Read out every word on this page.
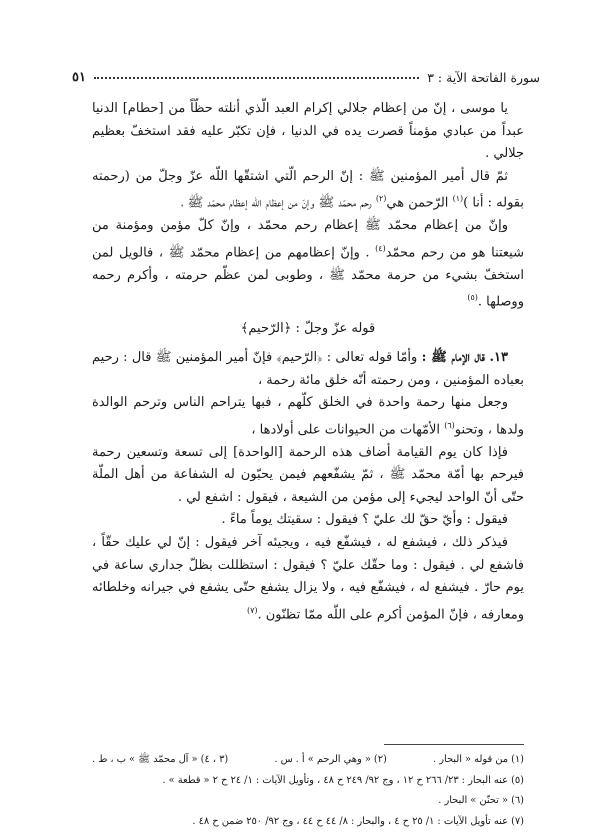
سورة الفاتحة الآية : ٣
٥١

يا موسى ، إنّ من إعظام جلالي إكرام العبد الّذي أنلته حظّاً من [حطام] الدنيا عبداً من عبادي مؤمناً قصرت يده في الدنيا ، فإن تكبّر عليه فقد استخفّ بعظيم جلالي .

ثمّ قال أمير المؤمنين ﷺ : إنّ الرحم الّتي اشتقّها اللّه عزّ وجلّ من (رحمته بقوله : أنا )$^{(١)}$ الرّحمن هي$^{(٢)}$ رحم محمّد ﷺ وإنّ من إعظام اللّه إعظام محمّد ﷺ ،

وإنّ من إعظام محمّد ﷺ إعظام رحم محمّد ، وإنّ كلّ مؤمن ومؤمنة من شيعتنا هو من رحم محمّد$^{(٤)}$ . وإنّ إعظامهم من إعظام محمّد ﷺ ، فالويل لمن استخفّ بشيء من حرمة محمّد ﷺ ، وطوبى لمن عظّم حرمته ، وأكرم رحمه ووصلها .$^{(٥)}$

قوله عزّ وجلّ : ﴿الرّحيم﴾

١٣. قال الإمام ﷺ : وأمّا قوله تعالى : ﴿الرّحيم﴾ فإنّ أمير المؤمنين ﷺ قال : رحيم بعباده المؤمنين ، ومن رحمته أنّه خلق مائة رحمة ،

وجعل منها رحمة واحدة في الخلق كلّهم ، فبها يتراحم الناس وترحم الوالدة ولدها ، وتحنو$^{(٦)}$ الأمّهات من الحيوانات على أولادها ،

فإذا كان يوم القيامة أضاف هذه الرحمة [الواحدة] إلى تسعة وتسعين رحمة فيرحم بها أمّة محمّد ﷺ ، ثمّ يشفّعهم فيمن يحبّون له الشفاعة من أهل الملّة حتّى أنّ الواحد ليجيء إلى مؤمن من الشيعة ، فيقول : اشفع لي .

فيقول : وأيّ حقّ لك عليّ ؟ فيقول : سقيتك يوماً ماءً .

فيذكر ذلك ، فيشفع له ، فيشفّع فيه ، ويجيئه آخر فيقول : إنّ لي عليك حقّاً ، فاشفع لي . فيقول : وما حقّك عليّ ؟ فيقول : استظللت بظلّ جداري ساعة في يوم حارّ . فيشفع له ، فيشفّع فيه ، ولا يزال يشفع حتّى يشفع في جيرانه وخلطائه ومعارفه ، فإنّ المؤمن أكرم على اللّه ممّا تظنّون .$^{(٧)}$

(١) من قوله « البحار .
(٢) « وهي الرحم » أ . س .
(٣ ، ٤) « آل محمّد ﷺ » ب ، ط .
(٥) عنه البحار : ٢٣/ ٢٦٦ ح ١٢ ، وج ٩٢/ ٢٤٩ ح ٤٨ ، وتأويل الآيات : ١/ ٢٤ ح ٢ « قطعة » .
(٦) « تحنّن » البحار .
(٧) عنه تأويل الآيات : ١/ ٢٥ ح ٤ ، والبحار : ٨/ ٤٤ ح ٤٤ ، وج ٩٢/ ٢٥٠ ضمن ح ٤٨ .
